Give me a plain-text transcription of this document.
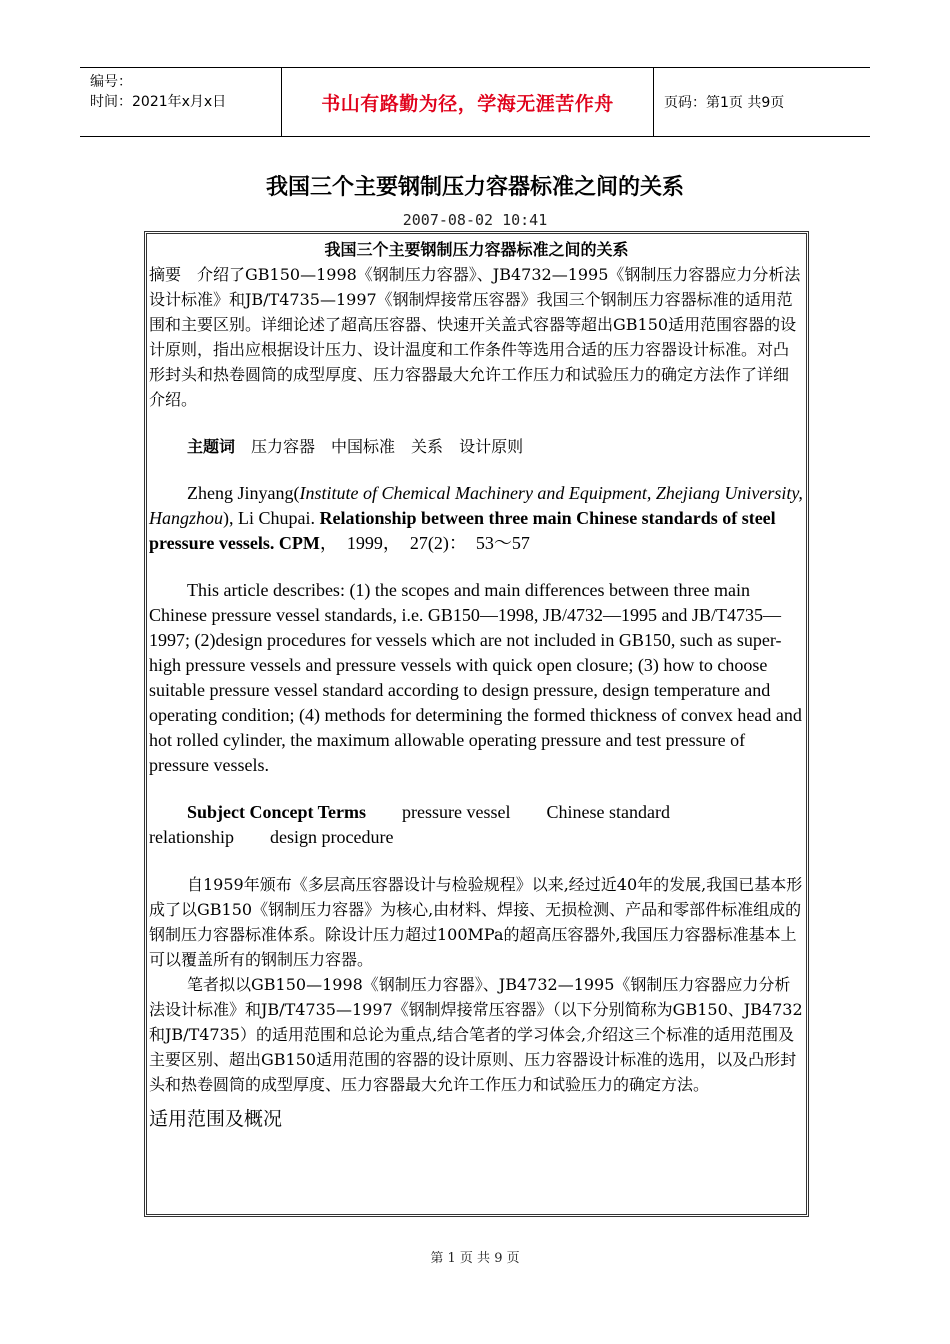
编号：
时间：2021年x月x日	书山有路勤为径，学海无涯苦作舟	页码：第1页 共9页
我国三个主要钢制压力容器标准之间的关系
2007-08-02 10:41
我国三个主要钢制压力容器标准之间的关系

摘要　介绍了GB150—1998《钢制压力容器》、JB4732—1995《钢制压力容器应力分析法设计标准》和JB/T4735—1997《钢制焊接常压容器》我国三个钢制压力容器标准的适用范围和主要区别。详细论述了超高压容器、快速开关盖式容器等超出GB150适用范围容器的设计原则，指出应根据设计压力、设计温度和工作条件等选用合适的压力容器设计标准。对凸形封头和热卷圆筒的成型厚度、压力容器最大允许工作压力和试验压力的确定方法作了详细介绍。

主题词 压力容器 中国标准 关系 设计原则

Zheng Jinyang(Institute of Chemical Machinery and Equipment, Zhejiang University, Hangzhou), Li Chupai. Relationship between three main Chinese standards of steel pressure vessels. CPM，　1999，　27(2)：　53～57

This article describes: (1) the scopes and main differences between three main Chinese pressure vessel standards, i.e. GB150—1998, JB/4732—1995 and JB/T4735—1997; (2)design procedures for vessels which are not included in GB150, such as super-high pressure vessels and pressure vessels with quick open closure; (3) how to choose suitable pressure vessel standard according to design pressure, design temperature and operating condition; (4) methods for determining the formed thickness of convex head and hot rolled cylinder, the maximum allowable operating pressure and test pressure of pressure vessels.

Subject Concept Terms pressure vessel Chinese standard relationship design procedure

自1959年颁布《多层高压容器设计与检验规程》以来,经过近40年的发展,我国已基本形成了以GB150《钢制压力容器》为核心,由材料、焊接、无损检测、产品和零部件标准组成的钢制压力容器标准体系。除设计压力超过100MPa的超高压容器外,我国压力容器标准基本上可以覆盖所有的钢制压力容器。

笔者拟以GB150—1998《钢制压力容器》、JB4732—1995《钢制压力容器应力分析法设计标准》和JB/T4735—1997《钢制焊接常压容器》（以下分别简称为GB150、JB4732和JB/T4735）的适用范围和总论为重点,结合笔者的学习体会,介绍这三个标准的适用范围及主要区别、超出GB150适用范围的容器的设计原则、压力容器设计标准的选用，以及凸形封头和热卷圆筒的成型厚度、压力容器最大允许工作压力和试验压力的确定方法。

适用范围及概况

第 1 页 共 9 页
